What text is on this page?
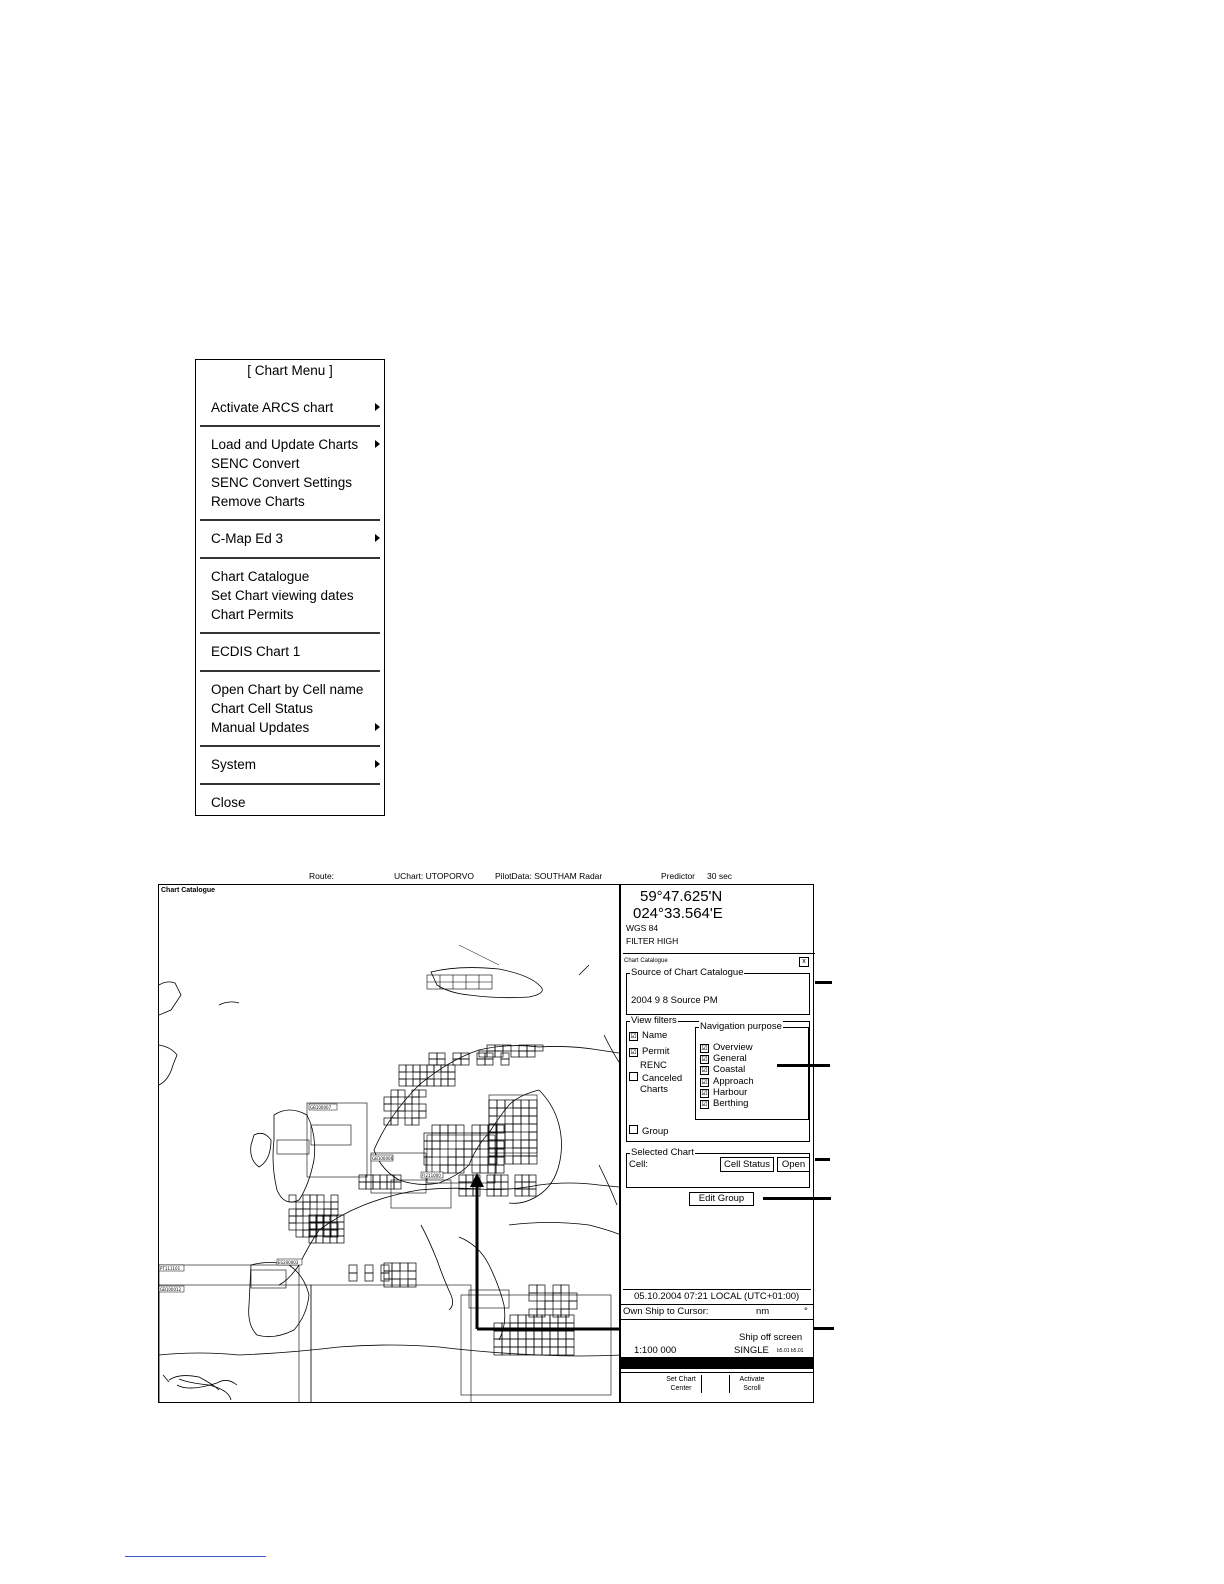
[ Chart Menu ]
Activate ARCS chart
Load and Update Charts
SENC Convert
SENC Convert Settings
Remove Charts
C-Map Ed 3
Chart Catalogue
Set Chart viewing dates
Chart Permits
ECDIS Chart 1
Open Chart by Cell name
Chart Cell Status
Manual Updates
System
Close
Route:	UChart: UTOPORVO PilotData: SOUTHAM Radar	Predictor 30 sec
GB100007
PT111101
GB100012
ES200003
GB100006
FI211000
Chart Catalogue	59°47.625'N
024°33.564'E
WGS 84
FILTER HIGH
Chart Catalogue	x
Source of Chart Catalogue
2004 9 8 Source PM
View filters
☑ Name
☑ Permit
RENC
Canceled
Charts
Group
Navigation purpose
☑ Overview
☑ General
☑ Coastal
☑ Approach
☑ Harbour
☑ Berthing
Selected Chart
Cell:	Cell Status	Open
Edit Group
05.10.2004 07:21 LOCAL (UTC+01:00)
Own Ship to Cursor:	nm	°
Ship off screen
1:100 000	SINGLE b5.01 b5.01
Set Chart
Center
Activate
Scroll
